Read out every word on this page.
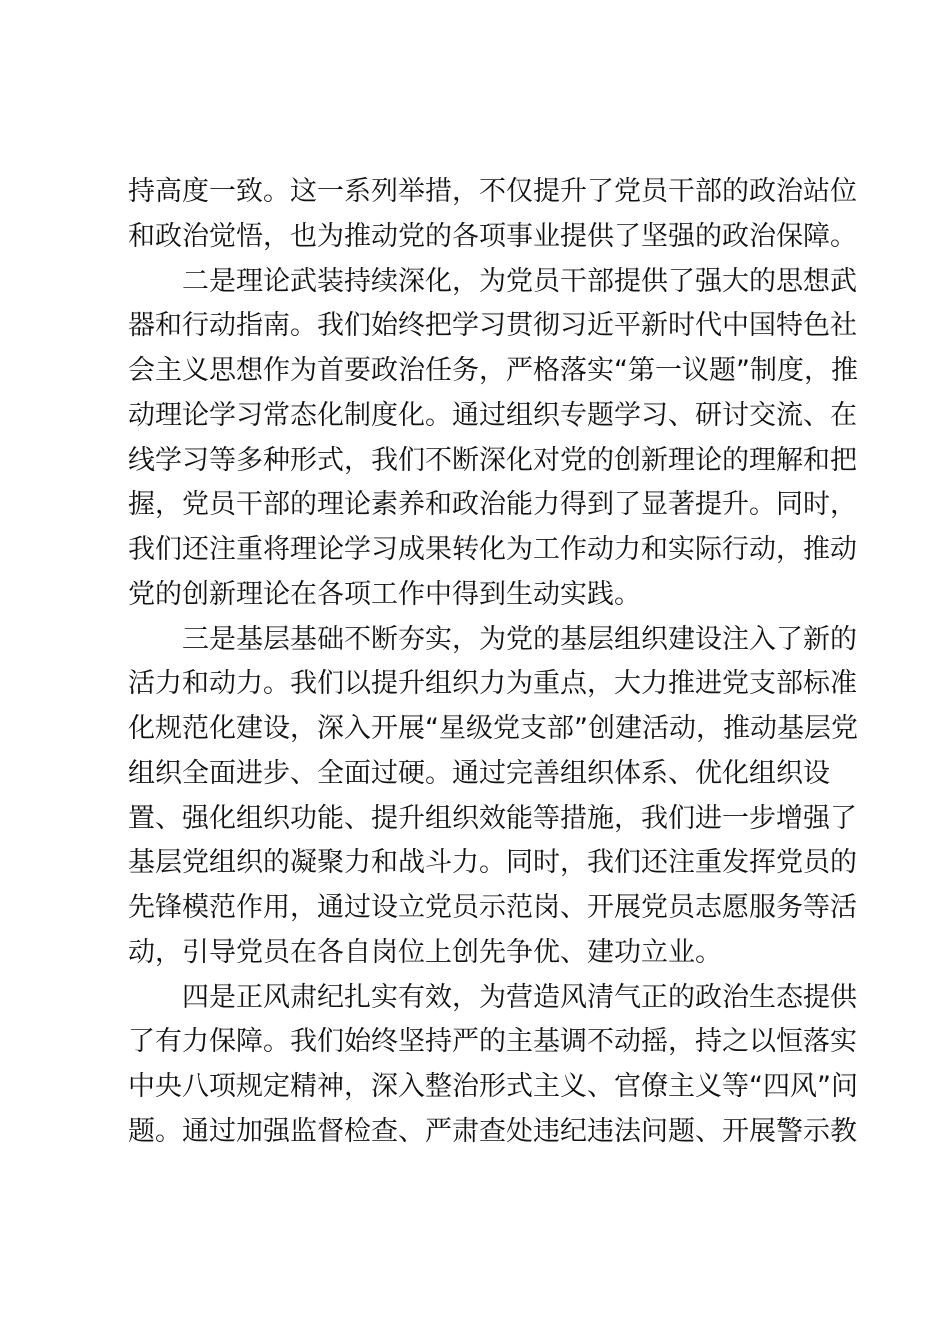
持高度一致。这一系列举措，不仅提升了党员干部的政治站位
和政治觉悟，也为推动党的各项事业提供了坚强的政治保障。
二是理论武装持续深化，为党员干部提供了强大的思想武
器和行动指南。我们始终把学习贯彻习近平新时代中国特色社
会主义思想作为首要政治任务，严格落实“第一议题”制度，推
动理论学习常态化制度化。通过组织专题学习、研讨交流、在
线学习等多种形式，我们不断深化对党的创新理论的理解和把
握，党员干部的理论素养和政治能力得到了显著提升。同时，
我们还注重将理论学习成果转化为工作动力和实际行动，推动
党的创新理论在各项工作中得到生动实践。
三是基层基础不断夯实，为党的基层组织建设注入了新的
活力和动力。我们以提升组织力为重点，大力推进党支部标准
化规范化建设，深入开展“星级党支部”创建活动，推动基层党
组织全面进步、全面过硬。通过完善组织体系、优化组织设
置、强化组织功能、提升组织效能等措施，我们进一步增强了
基层党组织的凝聚力和战斗力。同时，我们还注重发挥党员的
先锋模范作用，通过设立党员示范岗、开展党员志愿服务等活
动，引导党员在各自岗位上创先争优、建功立业。
四是正风肃纪扎实有效，为营造风清气正的政治生态提供
了有力保障。我们始终坚持严的主基调不动摇，持之以恒落实
中央八项规定精神，深入整治形式主义、官僚主义等“四风”问
题。通过加强监督检查、严肃查处违纪违法问题、开展警示教
